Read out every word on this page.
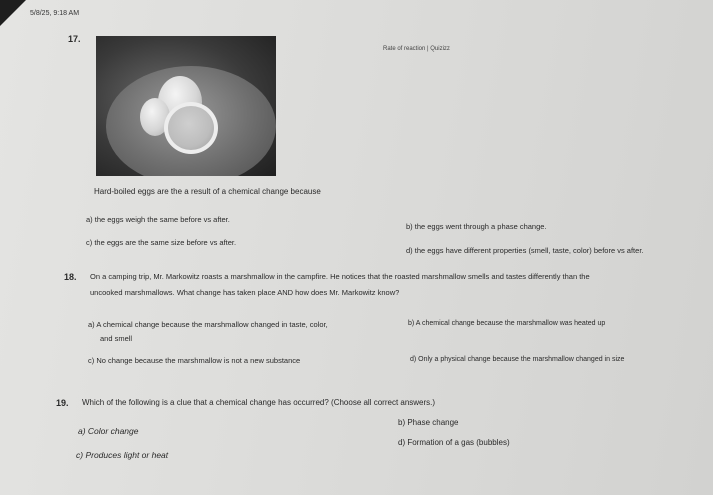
5/8/25, 9:18 AM
Rate of reaction | Quizizz
17.
Hard-boiled eggs are the a result of a chemical change because
a) the eggs weigh the same before vs after.
b) the eggs went through a phase change.
c) the eggs are the same size before vs after.
d) the eggs have different properties (smell, taste, color) before vs after.
18. On a camping trip, Mr. Markowitz roasts a marshmallow in the campfire. He notices that the roasted marshmallow smells and tastes differently than the
uncooked marshmallows. What change has taken place AND how does Mr. Markowitz know?
a) A chemical change because the marshmallow changed in taste, color,
and smell
b) A chemical change because the marshmallow was heated up
c) No change because the marshmallow is not a new substance	d) Only a physical change because the marshmallow changed in size
19. Which of the following is a clue that a chemical change has occurred? (Choose all correct answers.)
a) Color change
b) Phase change
c) Produces light or heat
d) Formation of a gas (bubbles)
